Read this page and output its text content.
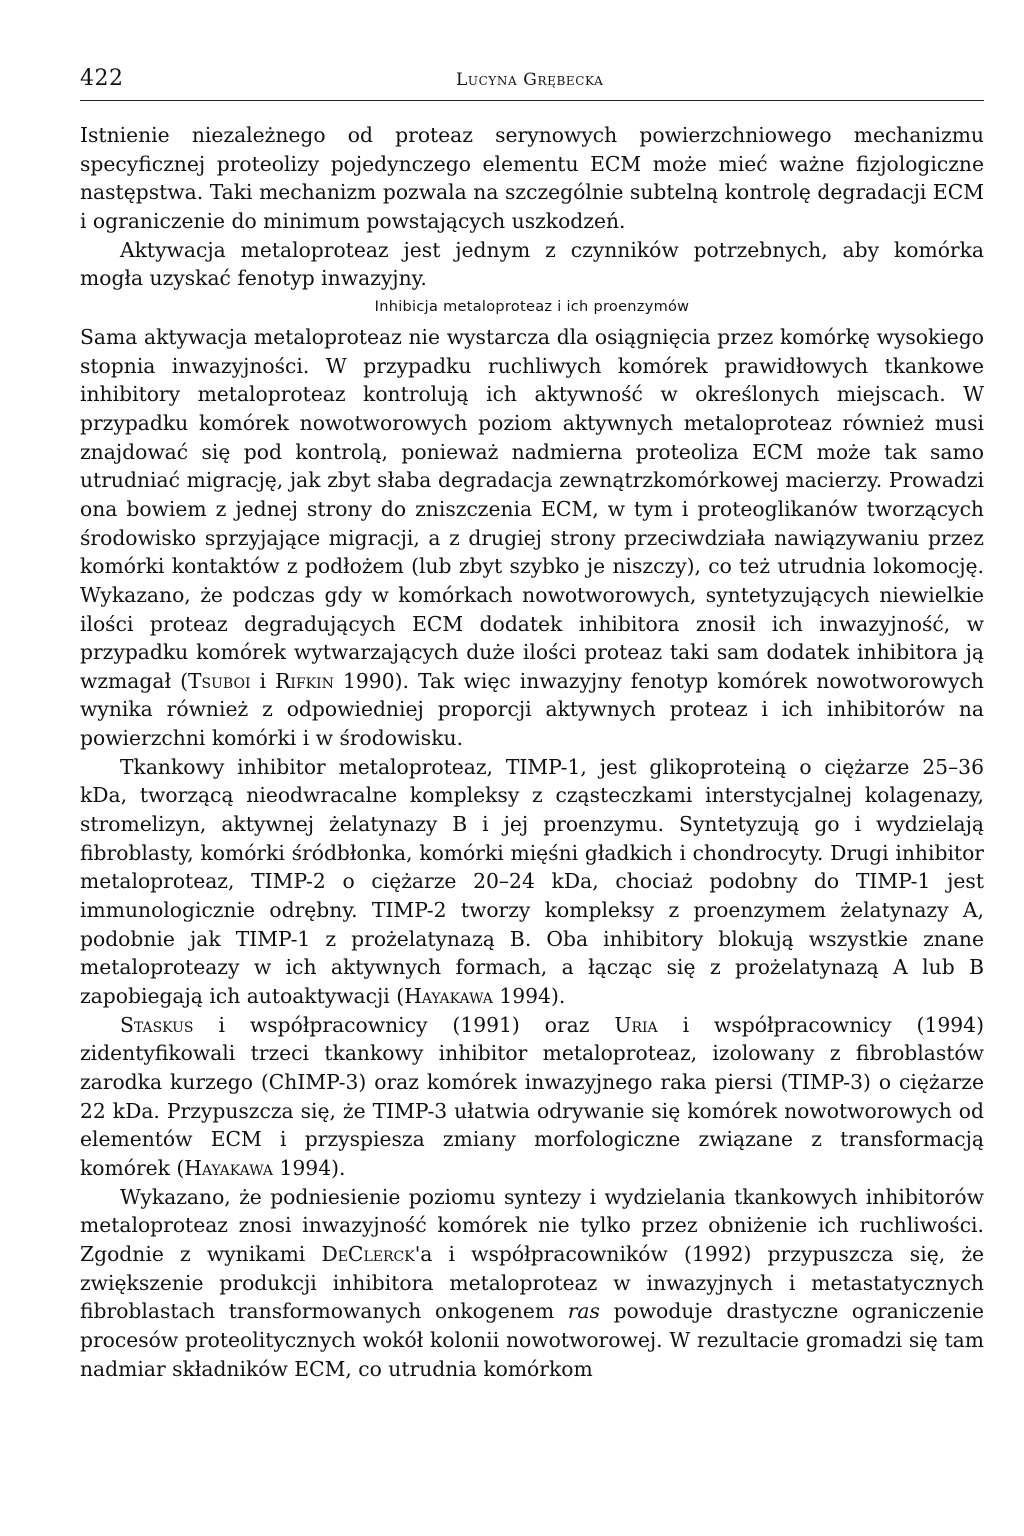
422	Lucyna Grębecka

Istnienie niezależnego od proteaz serynowych powierzchniowego mechanizmu specyficznej proteolizy pojedynczego elementu ECM może mieć ważne fizjologiczne następstwa. Taki mechanizm pozwala na szczególnie subtelną kontrolę degradacji ECM i ograniczenie do minimum powstających uszkodzeń.

Aktywacja metaloproteaz jest jednym z czynników potrzebnych, aby komórka mogła uzyskać fenotyp inwazyjny.

Inhibicja metaloproteaz i ich proenzymów

Sama aktywacja metaloproteaz nie wystarcza dla osiągnięcia przez komórkę wysokiego stopnia inwazyjności. W przypadku ruchliwych komórek prawidłowych tkankowe inhibitory metaloproteaz kontrolują ich aktywność w określonych miejscach. W przypadku komórek nowotworowych poziom aktywnych metaloproteaz również musi znajdować się pod kontrolą, ponieważ nadmierna proteoliza ECM może tak samo utrudniać migrację, jak zbyt słaba degradacja zewnątrzkomórkowej macierzy. Prowadzi ona bowiem z jednej strony do zniszczenia ECM, w tym i proteoglikanów tworzących środowisko sprzyjające migracji, a z drugiej strony przeciwdziała nawiązywaniu przez komórki kontaktów z podłożem (lub zbyt szybko je niszczy), co też utrudnia lokomocję. Wykazano, że podczas gdy w komórkach nowotworowych, syntetyzujących niewielkie ilości proteaz degradujących ECM dodatek inhibitora znosił ich inwazyjność, w przypadku komórek wytwarzających duże ilości proteaz taki sam dodatek inhibitora ją wzmagał (Tsuboi i Rifkin 1990). Tak więc inwazyjny fenotyp komórek nowotworowych wynika również z odpowiedniej proporcji aktywnych proteaz i ich inhibitorów na powierzchni komórki i w środowisku.

Tkankowy inhibitor metaloproteaz, TIMP-1, jest glikoproteiną o ciężarze 25–36 kDa, tworzącą nieodwracalne kompleksy z cząsteczkami interstycjalnej kolagenazy, stromelizyn, aktywnej żelatynazy B i jej proenzymu. Syntetyzują go i wydzielają fibroblasty, komórki śródbłonka, komórki mięśni gładkich i chondrocyty. Drugi inhibitor metaloproteaz, TIMP-2 o ciężarze 20–24 kDa, chociaż podobny do TIMP-1 jest immunologicznie odrębny. TIMP-2 tworzy kompleksy z proenzymem żelatynazy A, podobnie jak TIMP-1 z prożelatynazą B. Oba inhibitory blokują wszystkie znane metaloproteazy w ich aktywnych formach, a łącząc się z prożelatynazą A lub B zapobiegają ich autoaktywacji (Hayakawa 1994).

Staskus i współpracownicy (1991) oraz Uria i współpracownicy (1994) zidentyfikowali trzeci tkankowy inhibitor metaloproteaz, izolowany z fibroblastów zarodka kurzego (ChIMP-3) oraz komórek inwazyjnego raka piersi (TIMP-3) o ciężarze 22 kDa. Przypuszcza się, że TIMP-3 ułatwia odrywanie się komórek nowotworowych od elementów ECM i przyspiesza zmiany morfologiczne związane z transformacją komórek (Hayakawa 1994).

Wykazano, że podniesienie poziomu syntezy i wydzielania tkankowych inhibitorów metaloproteaz znosi inwazyjność komórek nie tylko przez obniżenie ich ruchliwości. Zgodnie z wynikami DeClerck'a i współpracowników (1992) przypuszcza się, że zwiększenie produkcji inhibitora metaloproteaz w inwazyjnych i metastatycznych fibroblastach transformowanych onkogenem ras powoduje drastyczne ograniczenie procesów proteolitycznych wokół kolonii nowotworowej. W rezultacie gromadzi się tam nadmiar składników ECM, co utrudnia komórkom
